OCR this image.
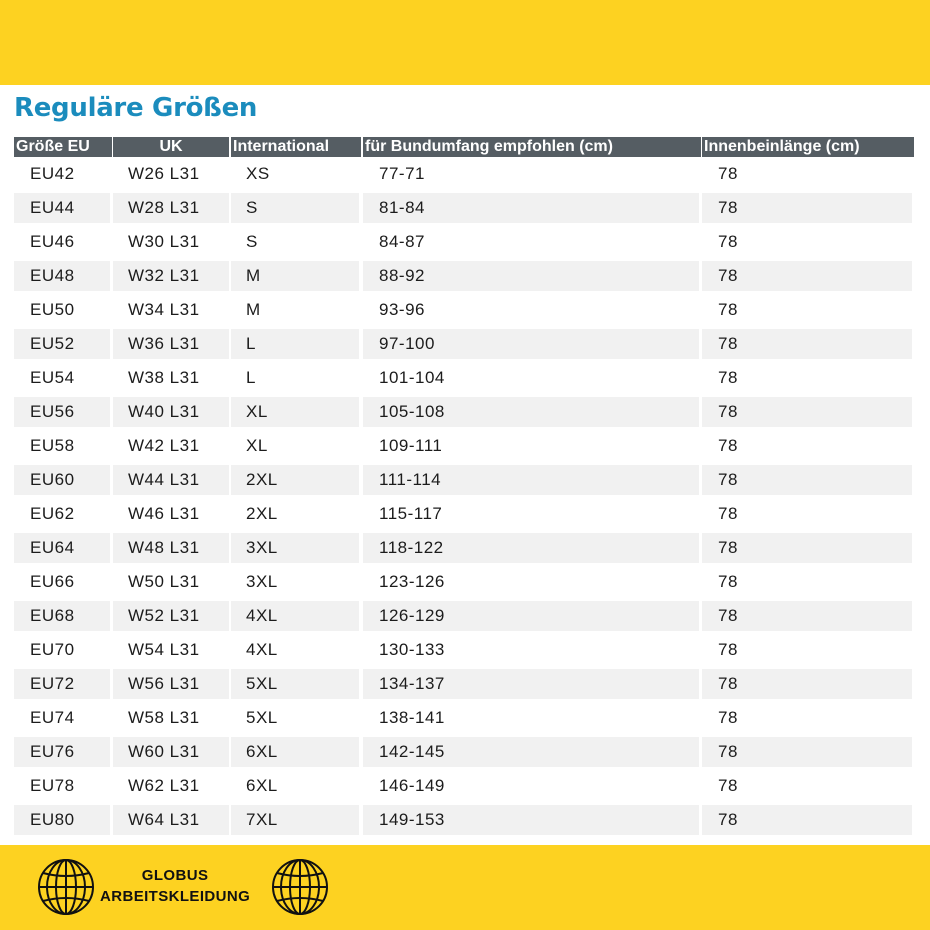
Reguläre Größen
Größe EU	UK	International	für Bundumfang empfohlen (cm)	Innenbeinlänge (cm)
EU42	W26 L31	XS	77-71	78
EU44	W28 L31	S	81-84	78
EU46	W30 L31	S	84-87	78
EU48	W32 L31	M	88-92	78
EU50	W34 L31	M	93-96	78
EU52	W36 L31	L	97-100	78
EU54	W38 L31	L	101-104	78
EU56	W40 L31	XL	105-108	78
EU58	W42 L31	XL	109-111	78
EU60	W44 L31	2XL	111-114	78
EU62	W46 L31	2XL	115-117	78
EU64	W48 L31	3XL	118-122	78
EU66	W50 L31	3XL	123-126	78
EU68	W52 L31	4XL	126-129	78
EU70	W54 L31	4XL	130-133	78
EU72	W56 L31	5XL	134-137	78
EU74	W58 L31	5XL	138-141	78
EU76	W60 L31	6XL	142-145	78
EU78	W62 L31	6XL	146-149	78
EU80	W64 L31	7XL	149-153	78
GLOBUS
ARBEITSKLEIDUNG
